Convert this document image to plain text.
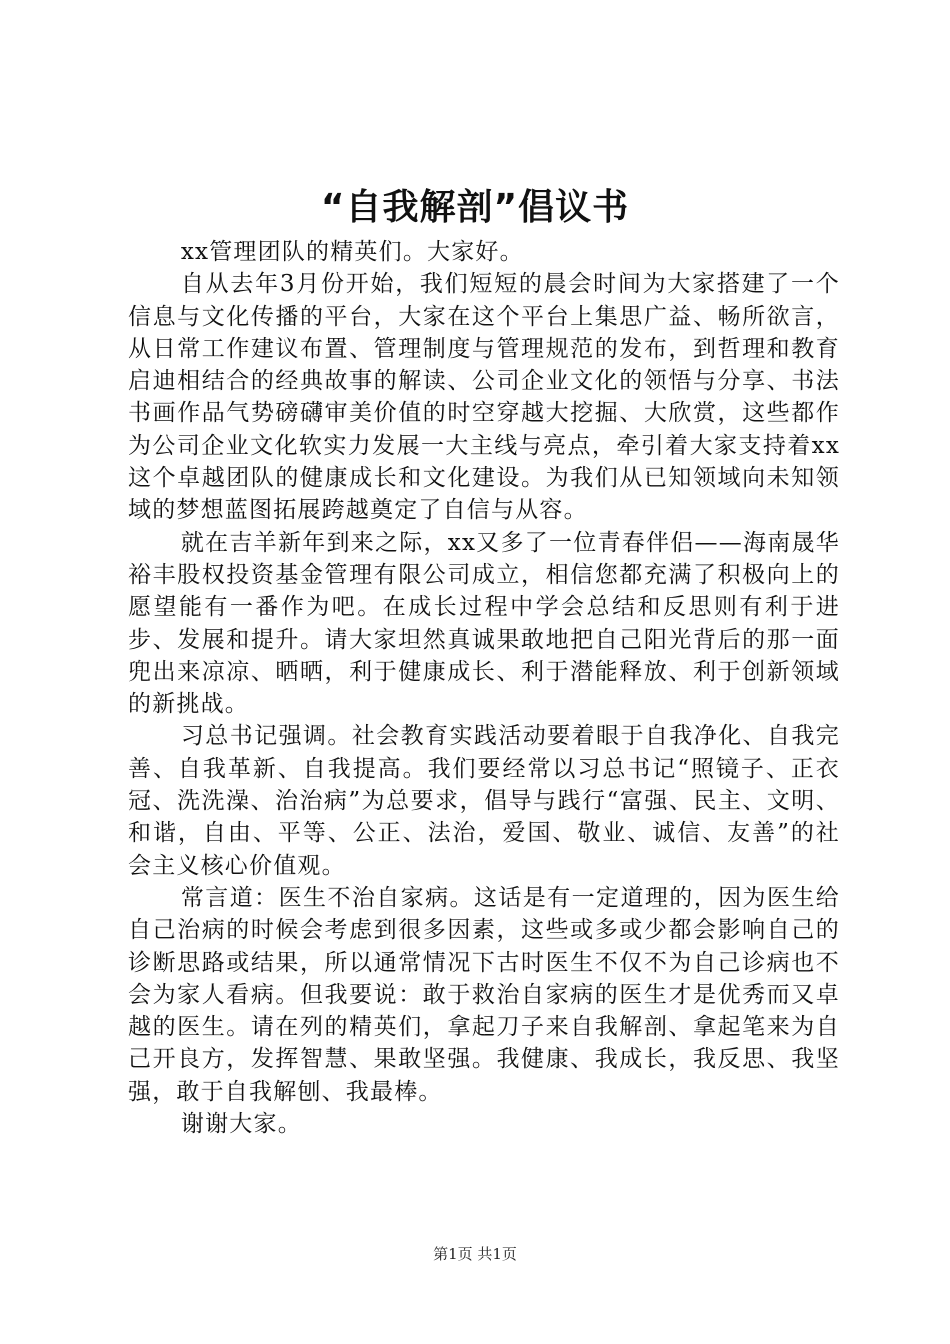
“自我解剖”倡议书

xx管理团队的精英们。大家好。

自从去年3月份开始，我们短短的晨会时间为大家搭建了一个信息与文化传播的平台，大家在这个平台上集思广益、畅所欲言，从日常工作建议布置、管理制度与管理规范的发布，到哲理和教育启迪相结合的经典故事的解读、公司企业文化的领悟与分享、书法书画作品气势磅礴审美价值的时空穿越大挖掘、大欣赏，这些都作为公司企业文化软实力发展一大主线与亮点，牵引着大家支持着xx这个卓越团队的健康成长和文化建设。为我们从已知领域向未知领域的梦想蓝图拓展跨越奠定了自信与从容。

就在吉羊新年到来之际，xx又多了一位青春伴侣——海南晟华裕丰股权投资基金管理有限公司成立，相信您都充满了积极向上的愿望能有一番作为吧。在成长过程中学会总结和反思则有利于进步、发展和提升。请大家坦然真诚果敢地把自己阳光背后的那一面兜出来凉凉、晒晒，利于健康成长、利于潜能释放、利于创新领域的新挑战。

习总书记强调。社会教育实践活动要着眼于自我净化、自我完善、自我革新、自我提高。我们要经常以习总书记“照镜子、正衣冠、洗洗澡、治治病”为总要求，倡导与践行“富强、民主、文明、和谐，自由、平等、公正、法治，爱国、敬业、诚信、友善”的社会主义核心价值观。

常言道：医生不治自家病。这话是有一定道理的，因为医生给自己治病的时候会考虑到很多因素，这些或多或少都会影响自己的诊断思路或结果，所以通常情况下古时医生不仅不为自己诊病也不会为家人看病。但我要说：敢于救治自家病的医生才是优秀而又卓越的医生。请在列的精英们，拿起刀子来自我解剖、拿起笔来为自己开良方，发挥智慧、果敢坚强。我健康、我成长，我反思、我坚强，敢于自我解刨、我最棒。

谢谢大家。

第1页 共1页
